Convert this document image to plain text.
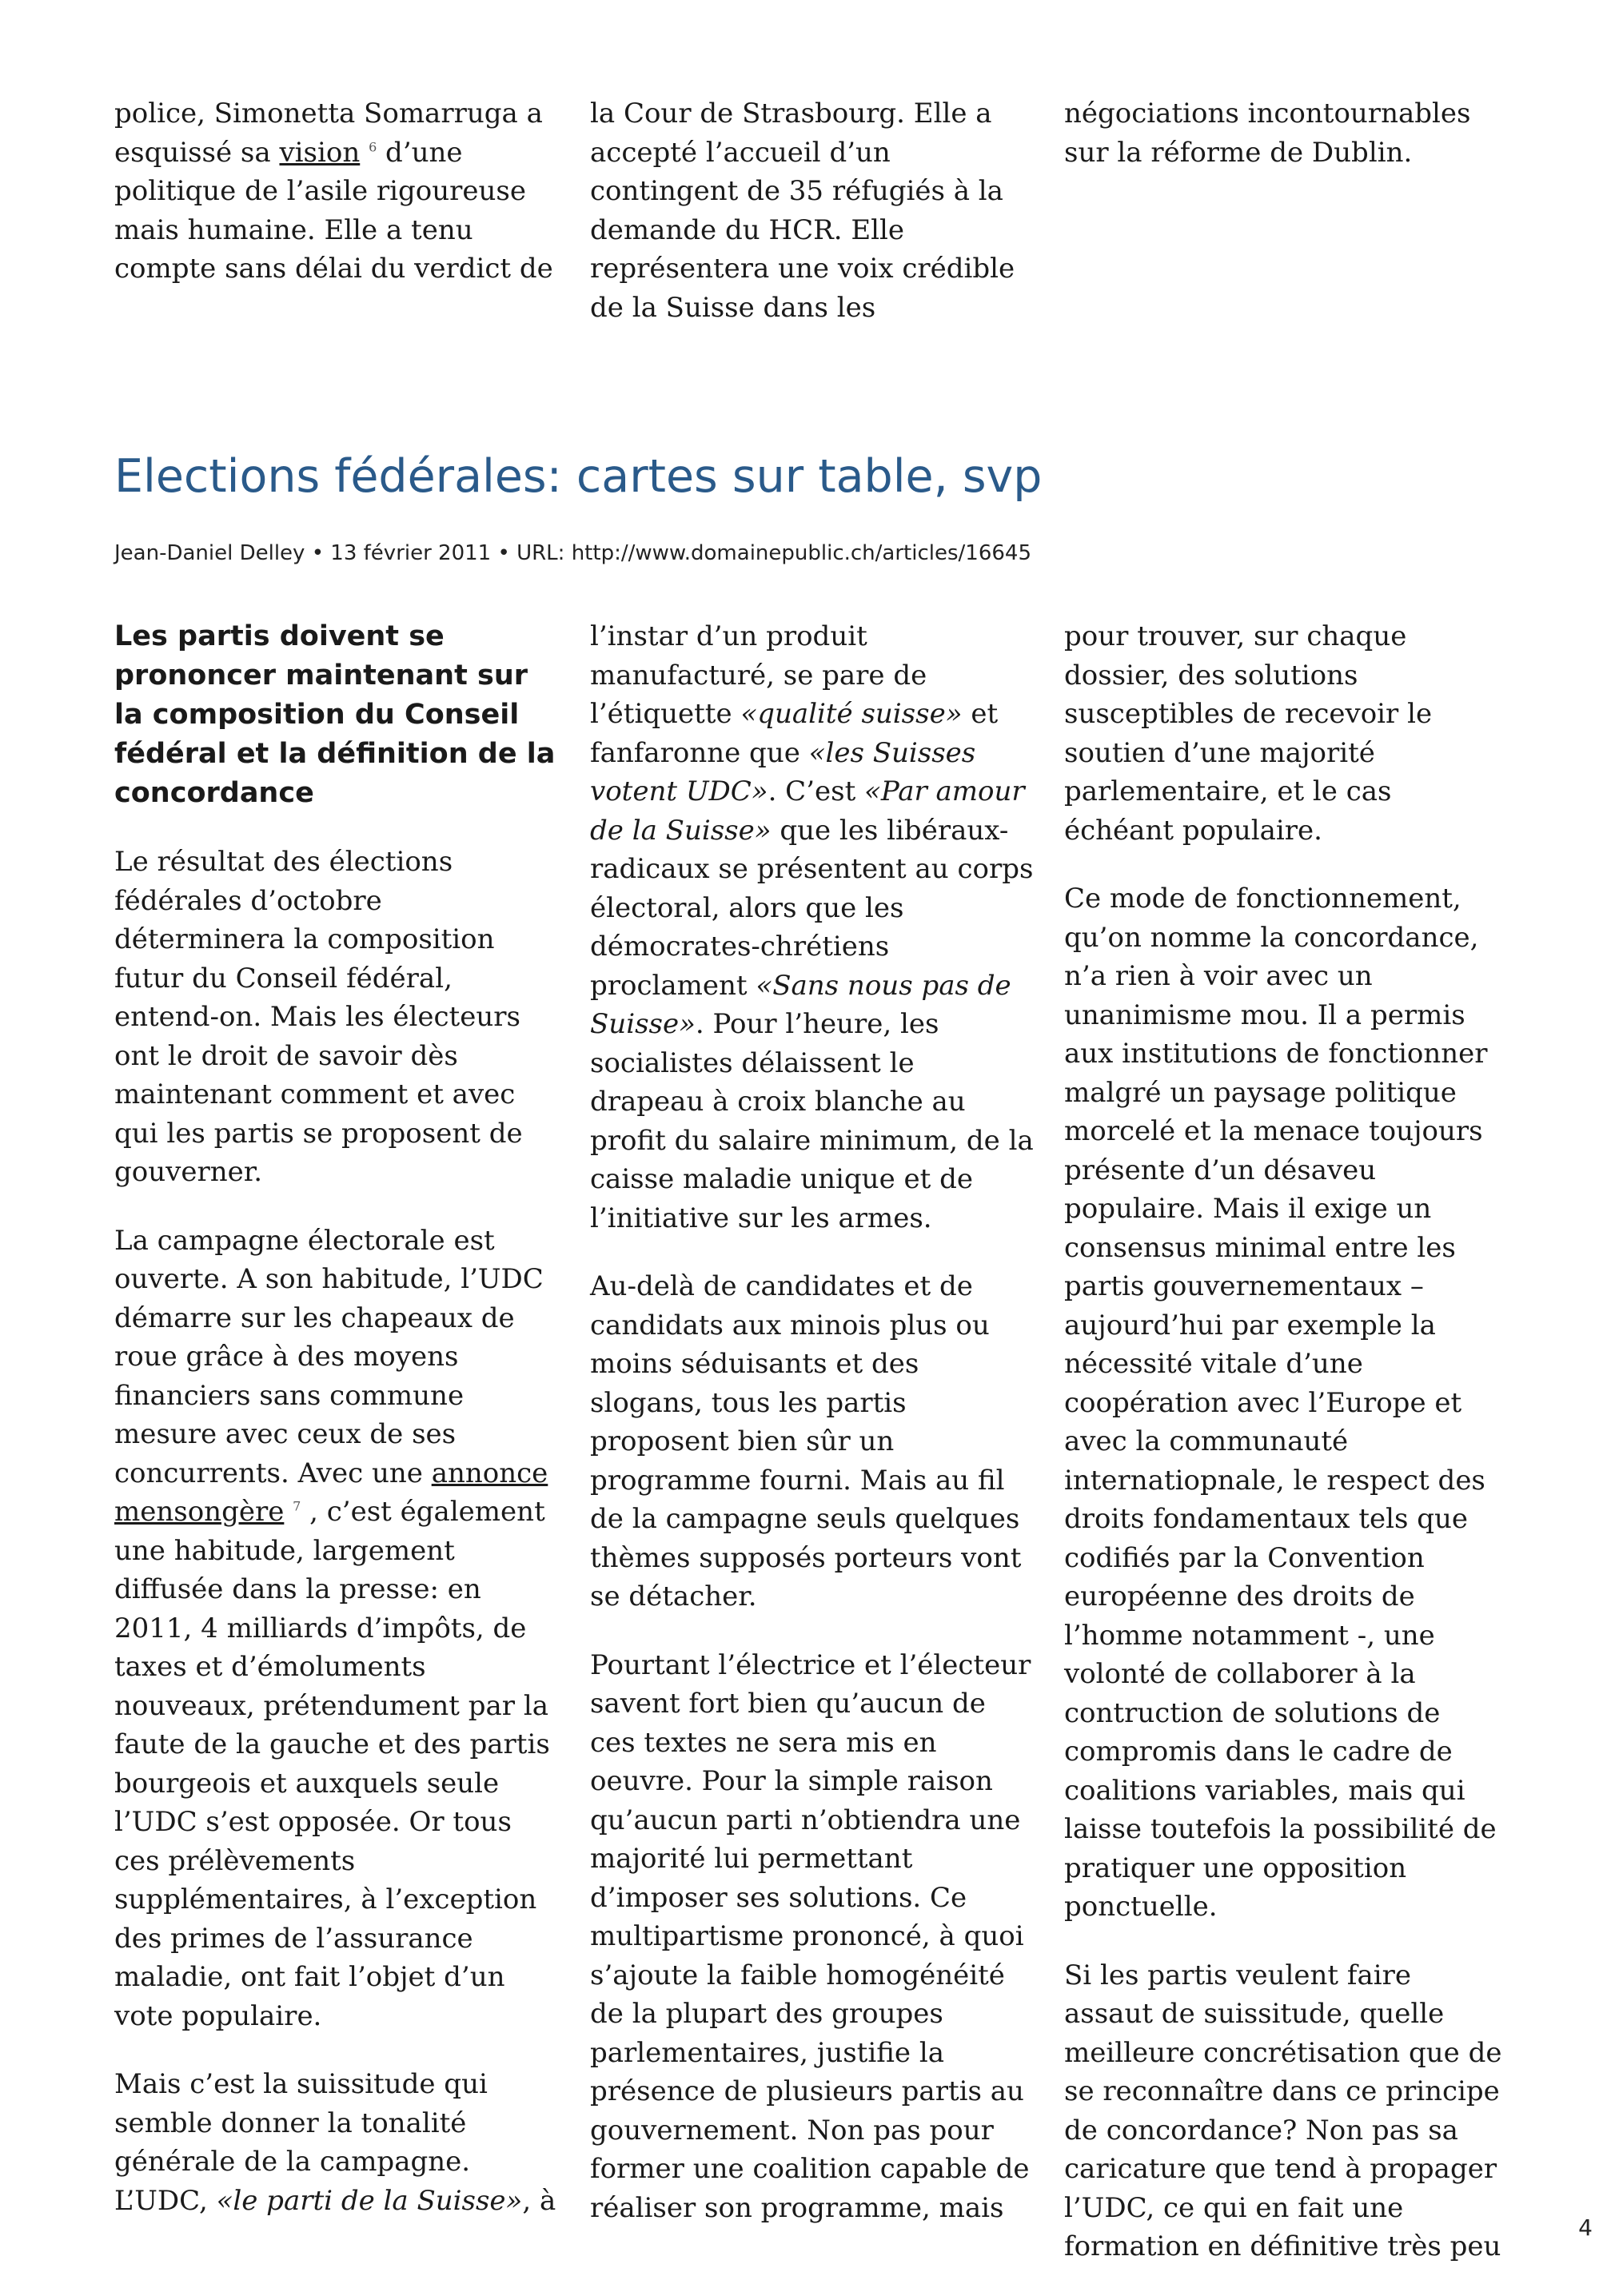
police, Simonetta Somarruga a esquissé sa vision $^6$ d’une politique de l’asile rigoureuse mais humaine. Elle a tenu compte sans délai du verdict de

la Cour de Strasbourg. Elle a accepté l’accueil d’un contingent de 35 réfugiés à la demande du HCR. Elle représentera une voix crédible de la Suisse dans les

négociations incontournables sur la réforme de Dublin.

Elections fédérales: cartes sur table, svp
Jean-Daniel Delley • 13 février 2011 • URL: http://www.domainepublic.ch/articles/16645

Les partis doivent se prononcer maintenant sur la composition du Conseil fédéral et la définition de la concordance

Le résultat des élections fédérales d’octobre déterminera la composition futur du Conseil fédéral, entend-on. Mais les électeurs ont le droit de savoir dès maintenant comment et avec qui les partis se proposent de gouverner.

La campagne électorale est ouverte. A son habitude, l’UDC démarre sur les chapeaux de roue grâce à des moyens financiers sans commune mesure avec ceux de ses concurrents. Avec une annonce mensongère $^7$ , c’est également une habitude, largement diffusée dans la presse: en 2011, 4 milliards d’impôts, de taxes et d’émoluments nouveaux, prétendument par la faute de la gauche et des partis bourgeois et auxquels seule l’UDC s’est opposée. Or tous ces prélèvements supplémentaires, à l’exception des primes de l’assurance maladie, ont fait l’objet d’un vote populaire.

Mais c’est la suissitude qui semble donner la tonalité générale de la campagne. L’UDC, «le parti de la Suisse», à

l’instar d’un produit manufacturé, se pare de l’étiquette «qualité suisse» et fanfaronne que «les Suisses votent UDC». C’est «Par amour de la Suisse» que les libéraux-radicaux se présentent au corps électoral, alors que les démocrates-chrétiens proclament «Sans nous pas de Suisse». Pour l’heure, les socialistes délaissent le drapeau à croix blanche au profit du salaire minimum, de la caisse maladie unique et de l’initiative sur les armes.

Au-delà de candidates et de candidats aux minois plus ou moins séduisants et des slogans, tous les partis proposent bien sûr un programme fourni. Mais au fil de la campagne seuls quelques thèmes supposés porteurs vont se détacher.

Pourtant l’électrice et l’électeur savent fort bien qu’aucun de ces textes ne sera mis en oeuvre. Pour la simple raison qu’aucun parti n’obtiendra une majorité lui permettant d’imposer ses solutions. Ce multipartisme prononcé, à quoi s’ajoute la faible homogénéité de la plupart des groupes parlementaires, justifie la présence de plusieurs partis au gouvernement. Non pas pour former une coalition capable de réaliser son programme, mais

pour trouver, sur chaque dossier, des solutions susceptibles de recevoir le soutien d’une majorité parlementaire, et le cas échéant populaire.

Ce mode de fonctionnement, qu’on nomme la concordance, n’a rien à voir avec un unanimisme mou. Il a permis aux institutions de fonctionner malgré un paysage politique morcelé et la menace toujours présente d’un désaveu populaire. Mais il exige un consensus minimal entre les partis gouvernementaux – aujourd’hui par exemple la nécessité vitale d’une coopération avec l’Europe et avec la communauté internatiopnale, le respect des droits fondamentaux tels que codifiés par la Convention européenne des droits de l’homme notamment -, une volonté de collaborer à la contruction de solutions de compromis dans le cadre de coalitions variables, mais qui laisse toutefois la possibilité de pratiquer une opposition ponctuelle.

Si les partis veulent faire assaut de suissitude, quelle meilleure concrétisation que de se reconnaître dans ce principe de concordance? Non pas sa caricature que tend à propager l’UDC, ce qui en fait une formation en définitive très peu

4
